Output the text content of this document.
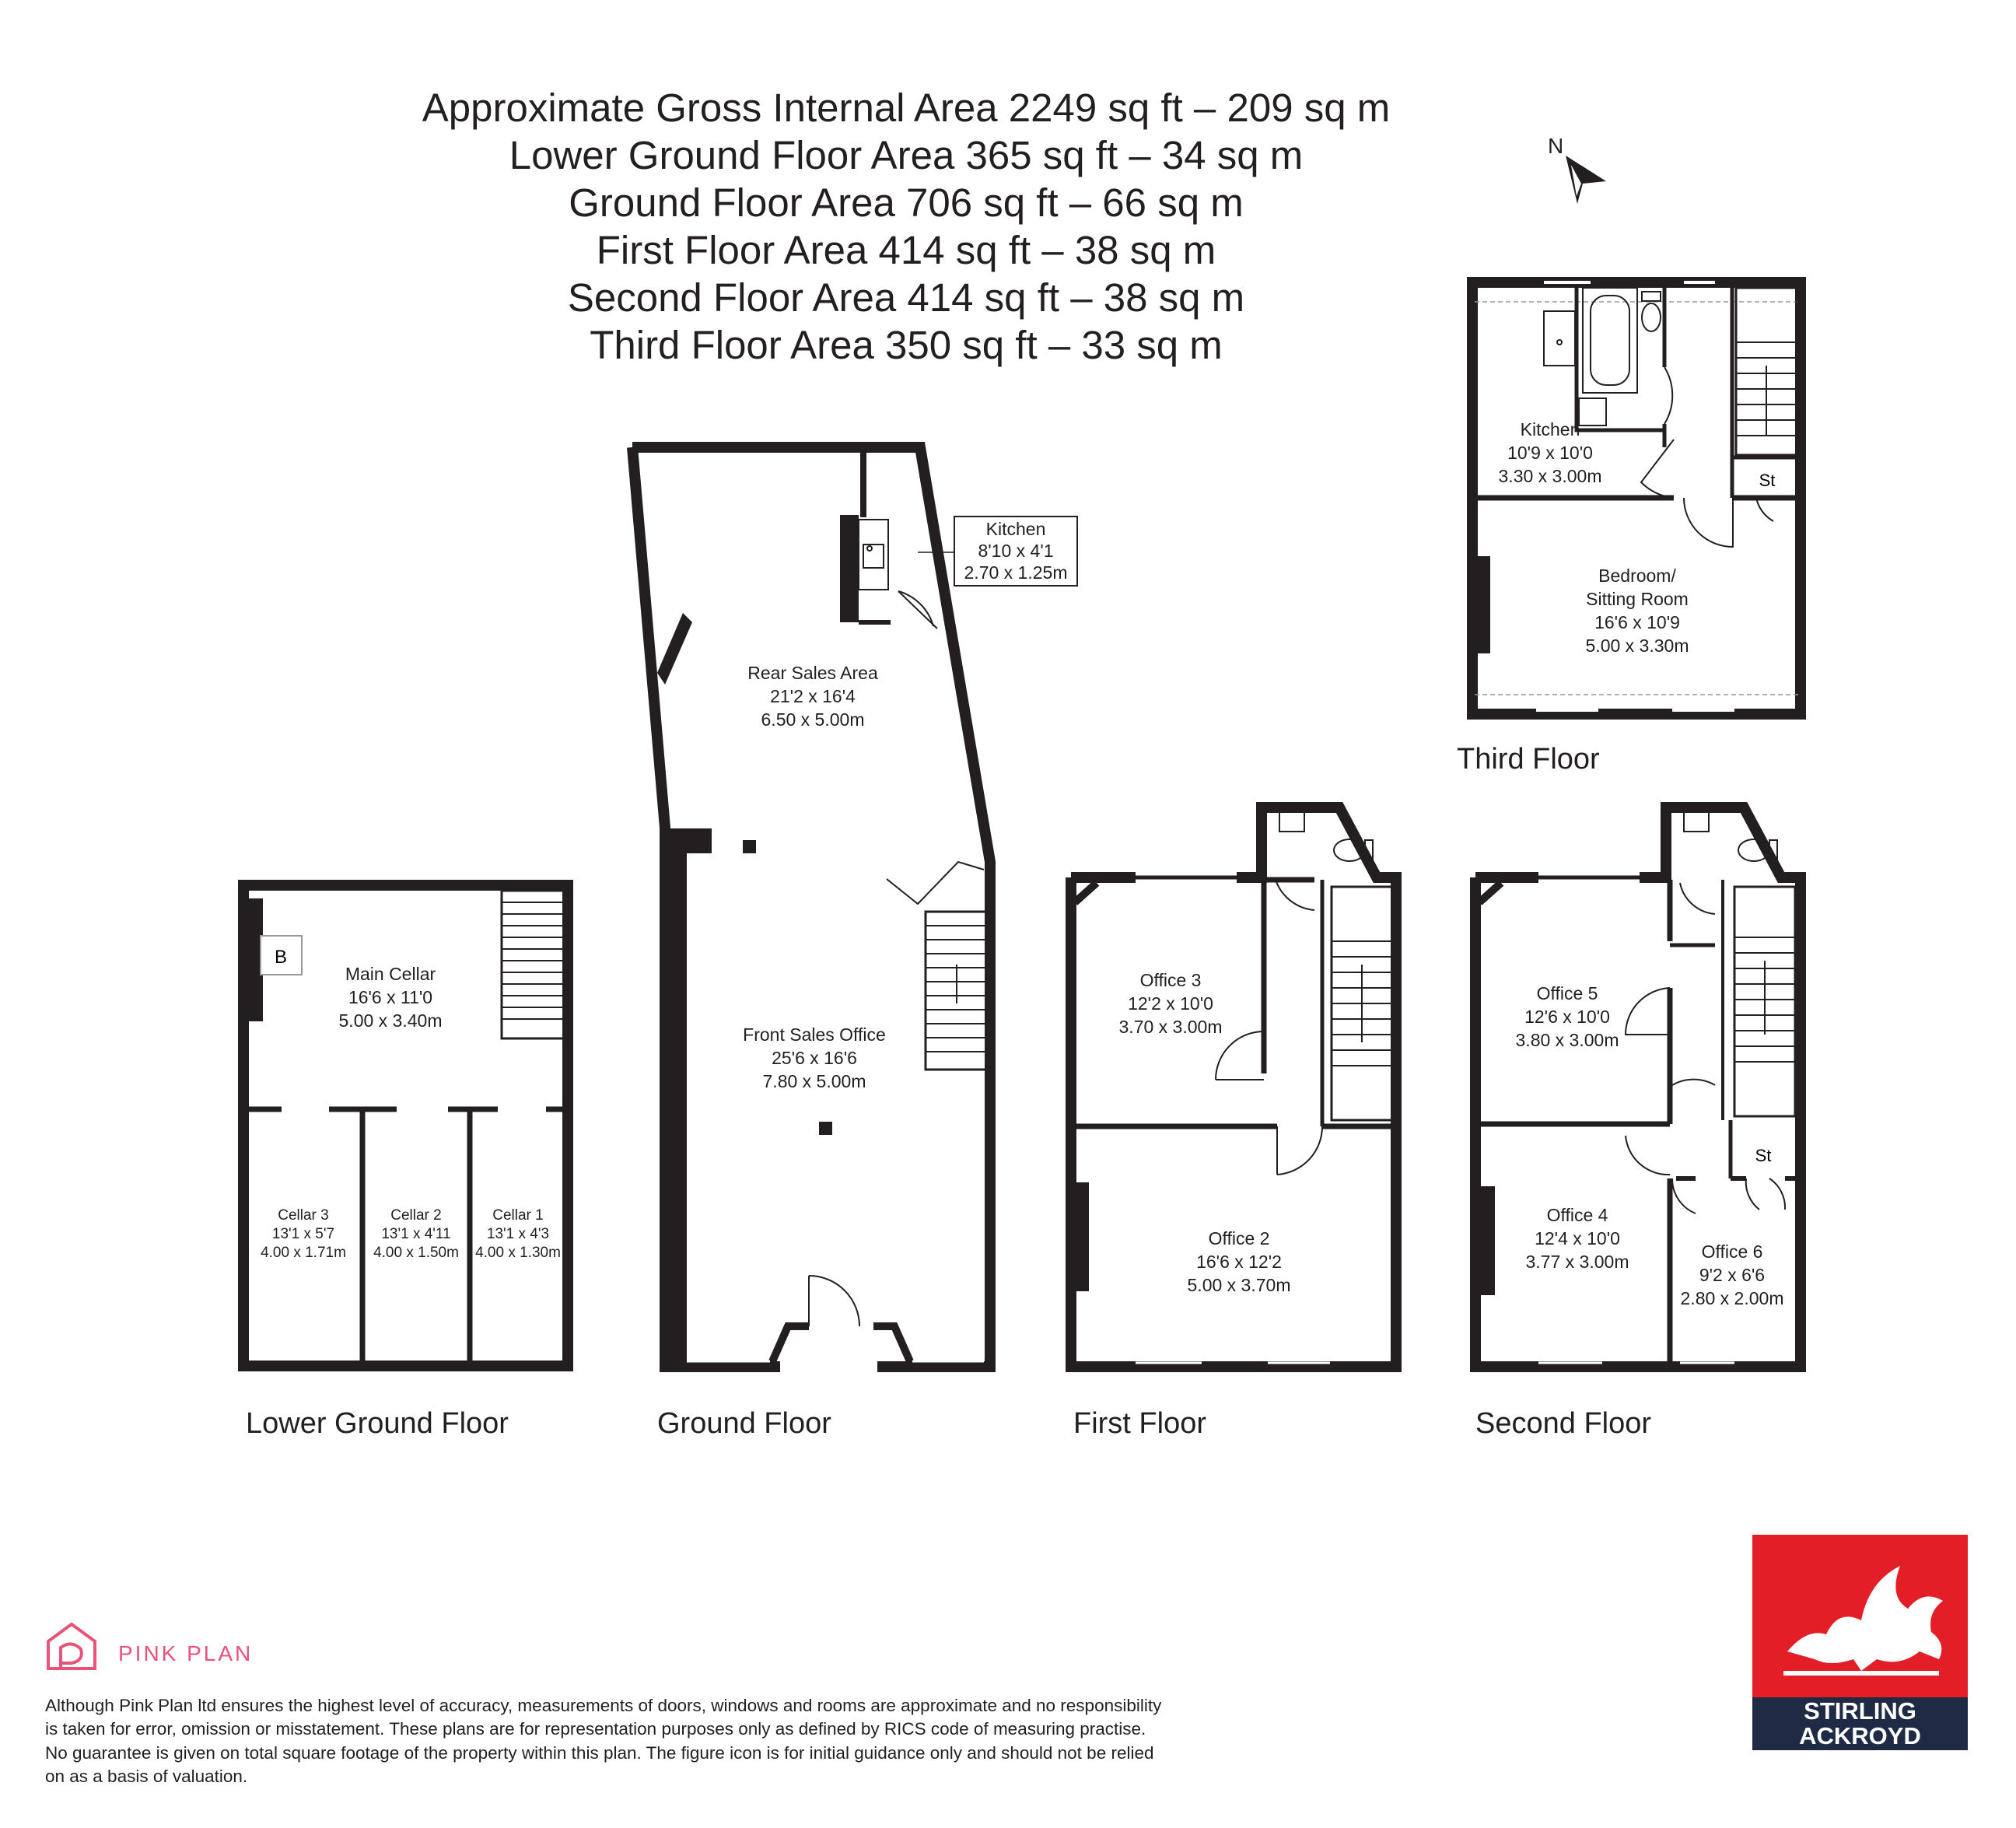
Approximate Gross Internal Area 2249 sq ft – 209 sq m
Lower Ground Floor Area 365 sq ft – 34 sq m
Ground Floor Area 706 sq ft – 66 sq m
First Floor Area 414 sq ft – 38 sq m
Second Floor Area 414 sq ft – 38 sq m
Third Floor Area 350 sq ft – 33 sq m
N
B
Main Cellar
16'6 x 11'0
5.00 x 3.40m
Cellar 3
13'1 x 5'7
4.00 x 1.71m
Cellar 2
13'1 x 4'11
4.00 x 1.50m
Cellar 1
13'1 x 4'3
4.00 x 1.30m
Lower Ground Floor
Kitchen
8'10 x 4'1
2.70 x 1.25m
Rear Sales Area
21'2 x 16'4
6.50 x 5.00m
Front Sales Office
25'6 x 16'6
7.80 x 5.00m
Ground Floor
Office 3
12'2 x 10'0
3.70 x 3.00m
Office 2
16'6 x 12'2
5.00 x 3.70m
First Floor
St
Office 5
12'6 x 10'0
3.80 x 3.00m
Office 4
12'4 x 10'0
3.77 x 3.00m	Office 6
9'2 x 6'6
2.80 x 2.00m
Second Floor
St
Kitchen
10'9 x 10'0
3.30 x 3.00m
Bedroom/
Sitting Room
16'6 x 10'9
5.00 x 3.30m
Third Floor
PINK PLAN
Although Pink Plan ltd ensures the highest level of accuracy, measurements of doors, windows and rooms are approximate and no responsibility is taken for error, omission or misstatement. These plans are for representation purposes only as defined by RICS code of measuring practise. No guarantee is given on total square footage of the property within this plan. The figure icon is for initial guidance only and should not be relied on as a basis of valuation.
STIRLING
ACKROYD
